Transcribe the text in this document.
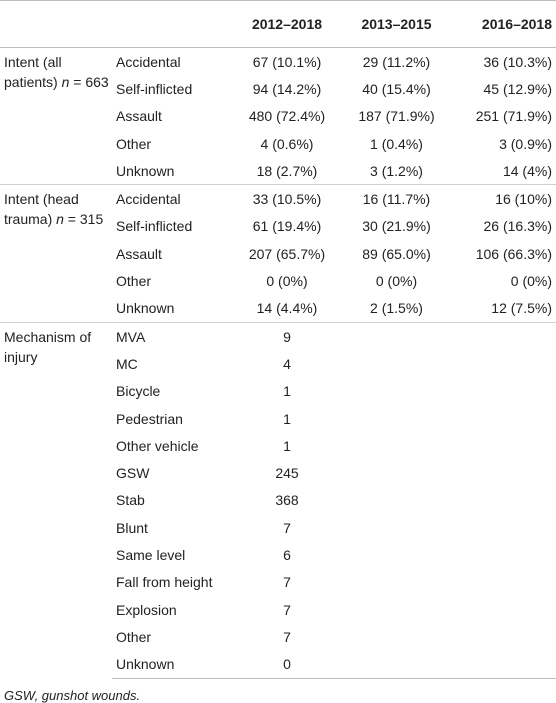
		2012–2018	2013–2015	2016–2018
Intent (all patients) n = 663	Accidental	67 (10.1%)	29 (11.2%)	36 (10.3%)
	Self-inflicted	94 (14.2%)	40 (15.4%)	45 (12.9%)
	Assault	480 (72.4%)	187 (71.9%)	251 (71.9%)
	Other	4 (0.6%)	1 (0.4%)	3 (0.9%)
	Unknown	18 (2.7%)	3 (1.2%)	14 (4%)
Intent (head trauma) n = 315	Accidental	33 (10.5%)	16 (11.7%)	16 (10%)
	Self-inflicted	61 (19.4%)	30 (21.9%)	26 (16.3%)
	Assault	207 (65.7%)	89 (65.0%)	106 (66.3%)
	Other	0 (0%)	0 (0%)	0 (0%)
	Unknown	14 (4.4%)	2 (1.5%)	12 (7.5%)
Mechanism of injury	MVA	9		
	MC	4		
	Bicycle	1		
	Pedestrian	1		
	Other vehicle	1		
	GSW	245		
	Stab	368		
	Blunt	7		
	Same level	6		
	Fall from height	7		
	Explosion	7		
	Other	7		
	Unknown	0		
GSW, gunshot wounds.
